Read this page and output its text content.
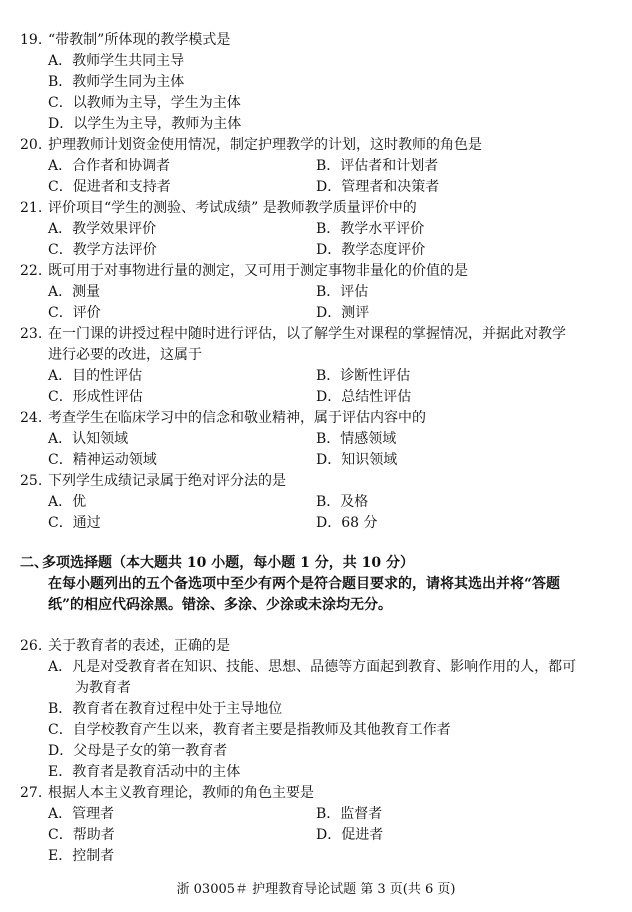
19. “带教制”所体现的教学模式是
A．教师学生共同主导
B．教师学生同为主体
C．以教师为主导，学生为主体
D．以学生为主导，教师为主体
20. 护理教师计划资金使用情况，制定护理教学的计划，这时教师的角色是
A．合作者和协调者	B．评估者和计划者
C．促进者和支持者	D．管理者和决策者
21. 评价项目“学生的测验、考试成绩” 是教师教学质量评价中的
A．教学效果评价	B．教学水平评价
C．教学方法评价	D．教学态度评价
22. 既可用于对事物进行量的测定，又可用于测定事物非量化的价值的是
A．测量	B．评估
C．评价	D．测评
23. 在一门课的讲授过程中随时进行评估，以了解学生对课程的掌握情况，并据此对教学
进行必要的改进，这属于
A．目的性评估	B．诊断性评估
C．形成性评估	D．总结性评估
24. 考查学生在临床学习中的信念和敬业精神，属于评估内容中的
A．认知领域	B．情感领域
C．精神运动领域	D．知识领域
25. 下列学生成绩记录属于绝对评分法的是
A．优	B．及格
C．通过	D．68 分
二、
多项选择题（本大题共 10 小题，每小题 1 分，共 10 分）
在每小题列出的五个备选项中至少有两个是符合题目要求的，请将其选出并将“答题
纸”的相应代码涂黑。错涂、多涂、少涂或未涂均无分。
26. 关于教育者的表述，正确的是
A．凡是对受教育者在知识、技能、思想、品德等方面起到教育、影响作用的人，都可
为教育者
B．教育者在教育过程中处于主导地位
C．自学校教育产生以来，教育者主要是指教师及其他教育工作者
D．父母是子女的第一教育者
E．教育者是教育活动中的主体
27. 根据人本主义教育理论，教师的角色主要是
A．管理者	B．监督者
C．帮助者	D．促进者
E．控制者
浙 03005＃ 护理教育导论试题 第 3 页(共 6 页)
